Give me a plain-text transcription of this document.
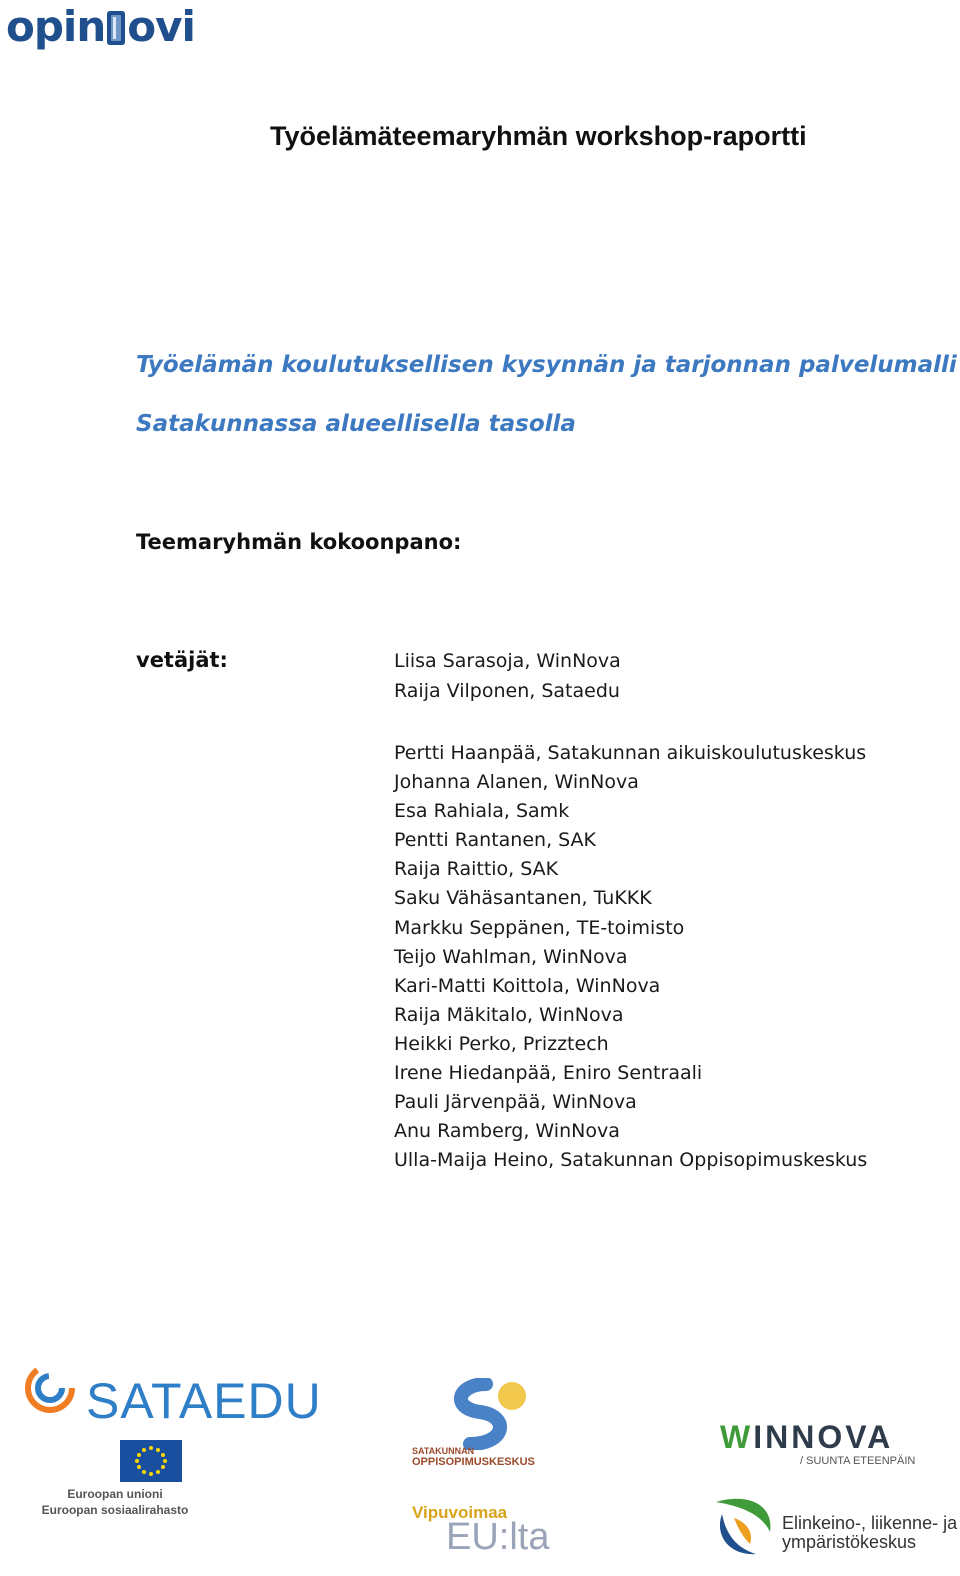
opin ovi
Työelämäteemaryhmän workshop-raportti
Työelämän koulutuksellisen kysynnän ja tarjonnan palvelumalli
Satakunnassa alueellisella tasolla
Teemaryhmän kokoonpano:
vetäjät:	Liisa Sarasoja, WinNova
Raija Vilponen, Sataedu
Pertti Haanpää, Satakunnan aikuiskoulutuskeskus
Johanna Alanen, WinNova
Esa Rahiala, Samk
Pentti Rantanen, SAK
Raija Raittio, SAK
Saku Vähäsantanen, TuKKK
Markku Seppänen, TE-toimisto
Teijo Wahlman, WinNova
Kari-Matti Koittola, WinNova
Raija Mäkitalo, WinNova
Heikki Perko, Prizztech
Irene Hiedanpää, Eniro Sentraali
Pauli Järvenpää, WinNova
Anu Ramberg, WinNova
Ulla-Maija Heino, Satakunnan Oppisopimuskeskus
SATAEDU
Euroopan unioni
Euroopan sosiaalirahasto
SATAKUNNAN
OPPISOPIMUSKESKUS
Vipuvoimaa
EU:lta
WINNOVA
/ SUUNTA ETEENPÄIN
Elinkeino-, liikenne- ja
ympäristökeskus
